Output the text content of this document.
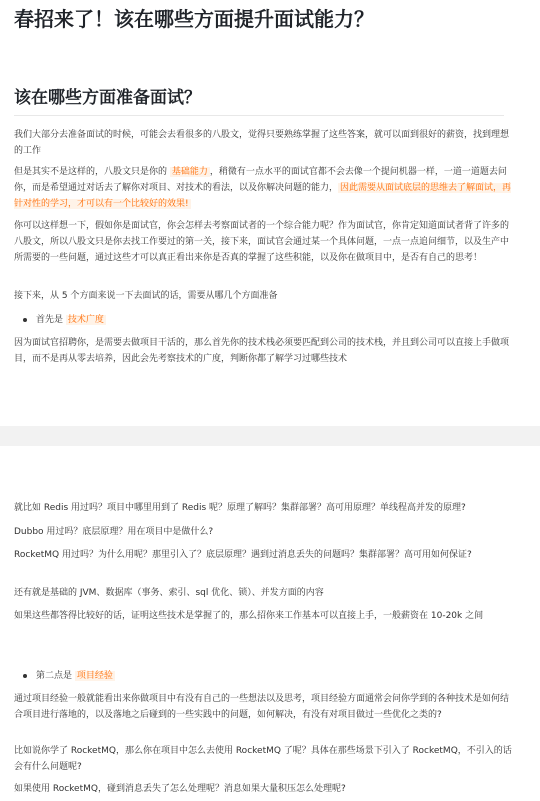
春招来了！该在哪些方面提升面试能力？
该在哪些方面准备面试？

我们大部分去准备面试的时候，可能会去看很多的八股文，觉得只要熟练掌握了这些答案，就可以面到很好的薪资，找到理想的工作

但是其实不是这样的，八股文只是你的 基础能力 ，稍微有一点水平的面试官都不会去像一个提问机器一样，一道一道题去问你，而是希望通过对话去了解你对项目、对技术的看法，以及你解决问题的能力， 因此需要从面试底层的思维去了解面试，再针对性的学习，才可以有一个比较好的效果!

你可以这样想一下，假如你是面试官，你会怎样去考察面试者的一个综合能力呢？作为面试官，你肯定知道面试者背了许多的八股文，所以八股文只是你去找工作要过的第一关，接下来，面试官会通过某一个具体问题，一点一点追问细节，以及生产中所需要的一些问题，通过这些才可以真正看出来你是否真的掌握了这些积能，以及你在做项目中，是否有自己的思考！

接下来，从 5 个方面来说一下去面试的话，需要从哪几个方面准备

首先是 技术广度

因为面试官招聘你，是需要去做项目干活的，那么首先你的技术栈必须要匹配到公司的技术栈，并且到公司可以直接上手做项目，而不是再从零去培养，因此会先考察技术的广度，判断你都了解学习过哪些技术

就比如 Redis 用过吗？项目中哪里用到了 Redis 呢？原理了解吗？集群部署？高可用原理？单线程高并发的原理?

Dubbo 用过吗？底层原理？用在项目中是做什么?

RocketMQ 用过吗？为什么用呢？那里引入了？底层原理？遇到过消息丢失的问题吗？集群部署？高可用如何保证?

还有就是基础的 JVM、数据库（事务、索引、sql 优化、锁）、并发方面的内容

如果这些都答得比较好的话，证明这些技术是掌握了的，那么招你来工作基本可以直接上手，一般薪资在 10-20k 之间

第二点是 项目经验

通过项目经验一般就能看出来你做项目中有没有自己的一些想法以及思考，项目经验方面通常会问你学到的各种技术是如何结合项目进行落地的，以及落地之后碰到的一些实践中的问题，如何解决，有没有对项目做过一些优化之类的?

比如说你学了 RocketMQ，那么你在项目中怎么去使用 RocketMQ 了呢？具体在那些场景下引入了 RocketMQ，不引入的话会有什么问题呢?

如果使用 RocketMQ，碰到消息丢失了怎么处理呢？消息如果大量积压怎么处理呢?
